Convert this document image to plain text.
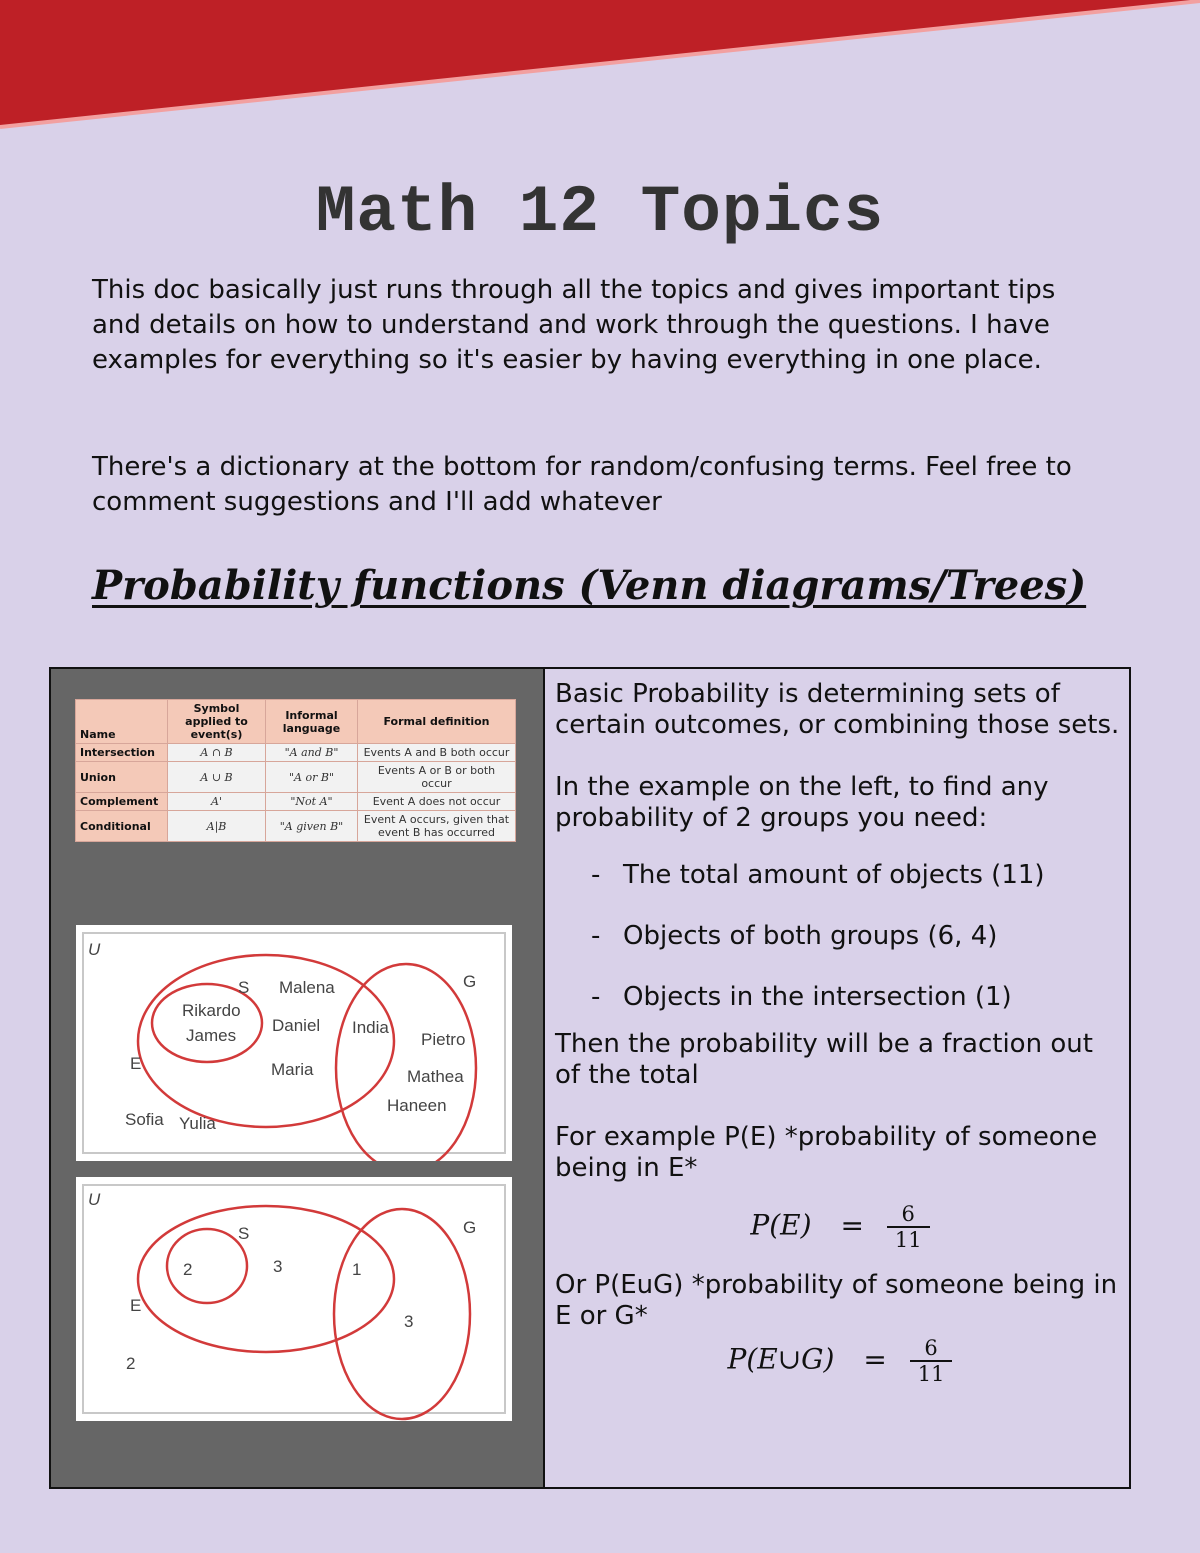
Math 12 Topics

This doc basically just runs through all the topics and gives important tips and details on how to understand and work through the questions. I have examples for everything so it's easier by having everything in one place.

There's a dictionary at the bottom for random/confusing terms. Feel free to comment suggestions and I'll add whatever

Probability functions (Venn diagrams/Trees)
Name	Symbol applied to event(s)	Informal language	Formal definition
Intersection	A ∩ B	"A and B"	Events A and B both occur
Union	A ∪ B	"A or B"	Events A or B or both occur
Complement	A'	"Not A"	Event A does not occur
Conditional	A|B	"A given B"	Event A occurs, given that event B has occurred
U
S	G
E
Malena
Rikardo
James
Daniel India
Pietro
Maria	Mathea
Haneen
Sofia Yulia
U
S	G
E
2	3	1
3
2

Basic Probability is determining sets of certain outcomes, or combining those sets.

In the example on the left, to find any probability of 2 groups you need:

- The total amount of objects (11)
- Objects of both groups (6, 4)
- Objects in the intersection (1)

Then the probability will be a fraction out of the total

For example P(E) *probability of someone being in E*

$P(E) = \frac{6}{11}$

Or P(EuG) *probability of someone being in E or G*

P(E∪G) = $\frac{6}{11}$
